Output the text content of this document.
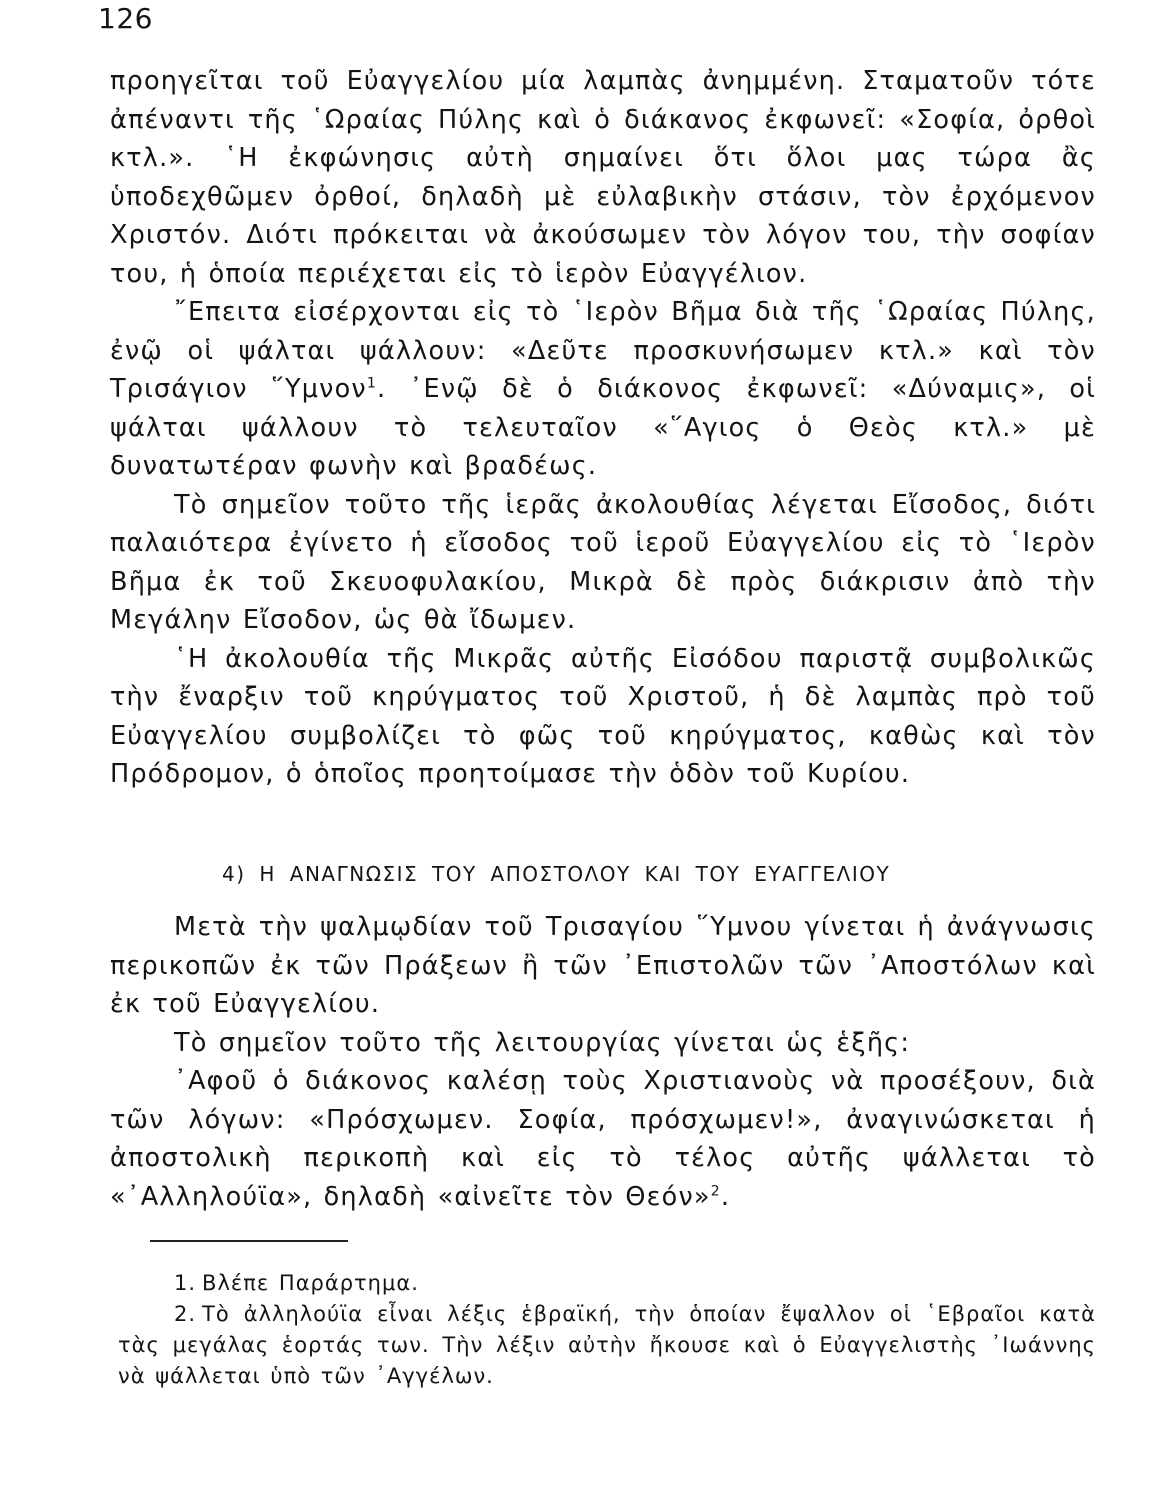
126

προηγεῖται τοῦ Εὐαγγελίου μία λαμπὰς ἀνημμένη. Σταματοῦν τότε ἀπέναντι τῆς ῾Ωραίας Πύλης καὶ ὁ διάκανος ἐκφωνεῖ: «Σοφία, ὀρθοὶ κτλ.». ῾Η ἐκφώνησις αὐτὴ σημαίνει ὅτι ὅλοι μας τώρα ἂς ὑποδεχθῶμεν ὀρθοί, δηλαδὴ μὲ εὐλαβικὴν στάσιν, τὸν ἐρχόμενον Χριστόν. Διότι πρόκειται νὰ ἀκούσωμεν τὸν λόγον του, τὴν σοφίαν του, ἡ ὁποία περιέχεται εἰς τὸ ἱερὸν Εὐαγγέλιον.

῎Επειτα εἰσέρχονται εἰς τὸ ῾Ιερὸν Βῆμα διὰ τῆς ῾Ωραίας Πύλης, ἐνῷ οἱ ψάλται ψάλλουν: «Δεῦτε προσκυνήσωμεν κτλ.» καὶ τὸν Τρισάγιον ῞Υμνον$^1$. ᾿Ενῷ δὲ ὁ διάκονος ἐκφωνεῖ: «Δύναμις», οἱ ψάλται ψάλλουν τὸ τελευταῖον «῞Αγιος ὁ Θεὸς κτλ.» μὲ δυνατωτέραν φωνὴν καὶ βραδέως.

Τὸ σημεῖον τοῦτο τῆς ἱερᾶς ἀκολουθίας λέγεται Εἴσοδος, διότι παλαιότερα ἐγίνετο ἡ εἴσοδος τοῦ ἱεροῦ Εὐαγγελίου εἰς τὸ ῾Ιερὸν Βῆμα ἐκ τοῦ Σκευοφυλακίου, Μικρὰ δὲ πρὸς διάκρισιν ἀπὸ τὴν Μεγάλην Εἴσοδον, ὡς θὰ ἴδωμεν.

῾Η ἀκολουθία τῆς Μικρᾶς αὐτῆς Εἰσόδου παριστᾷ συμβολικῶς τὴν ἔναρξιν τοῦ κηρύγματος τοῦ Χριστοῦ, ἡ δὲ λαμπὰς πρὸ τοῦ Εὐαγγελίου συμβολίζει τὸ φῶς τοῦ κηρύγματος, καθὼς καὶ τὸν Πρόδρομον, ὁ ὁποῖος προητοίμασε τὴν ὁδὸν τοῦ Κυρίου.

4) Η ΑΝΑΓΝΩΣΙΣ ΤΟΥ ΑΠΟΣΤΟΛΟΥ ΚΑΙ ΤΟΥ ΕΥΑΓΓΕΛΙΟΥ

Μετὰ τὴν ψαλμῳδίαν τοῦ Τρισαγίου ῞Υμνου γίνεται ἡ ἀνάγνωσις περικοπῶν ἐκ τῶν Πράξεων ἢ τῶν ᾿Επιστολῶν τῶν ᾿Αποστόλων καὶ ἐκ τοῦ Εὐαγγελίου.

Τὸ σημεῖον τοῦτο τῆς λειτουργίας γίνεται ὡς ἑξῆς:

᾿Αφοῦ ὁ διάκονος καλέσῃ τοὺς Χριστιανοὺς νὰ προσέξουν, διὰ τῶν λόγων: «Πρόσχωμεν. Σοφία, πρόσχωμεν!», ἀναγινώσκεται ἡ ἀποστολικὴ περικοπὴ καὶ εἰς τὸ τέλος αὐτῆς ψάλλεται τὸ «᾿Αλληλούϊα», δηλαδὴ «αἰνεῖτε τὸν Θεόν»$^2$.

1. Βλέπε Παράρτημα.

2. Τὸ ἀλληλούϊα εἶναι λέξις ἑβραϊκή, τὴν ὁποίαν ἔψαλλον οἱ ῾Εβραῖοι κατὰ τὰς μεγάλας ἑορτάς των. Τὴν λέξιν αὐτὴν ἤκουσε καὶ ὁ Εὐαγγελιστὴς ᾿Ιωάννης νὰ ψάλλεται ὑπὸ τῶν ᾿Αγγέλων.
